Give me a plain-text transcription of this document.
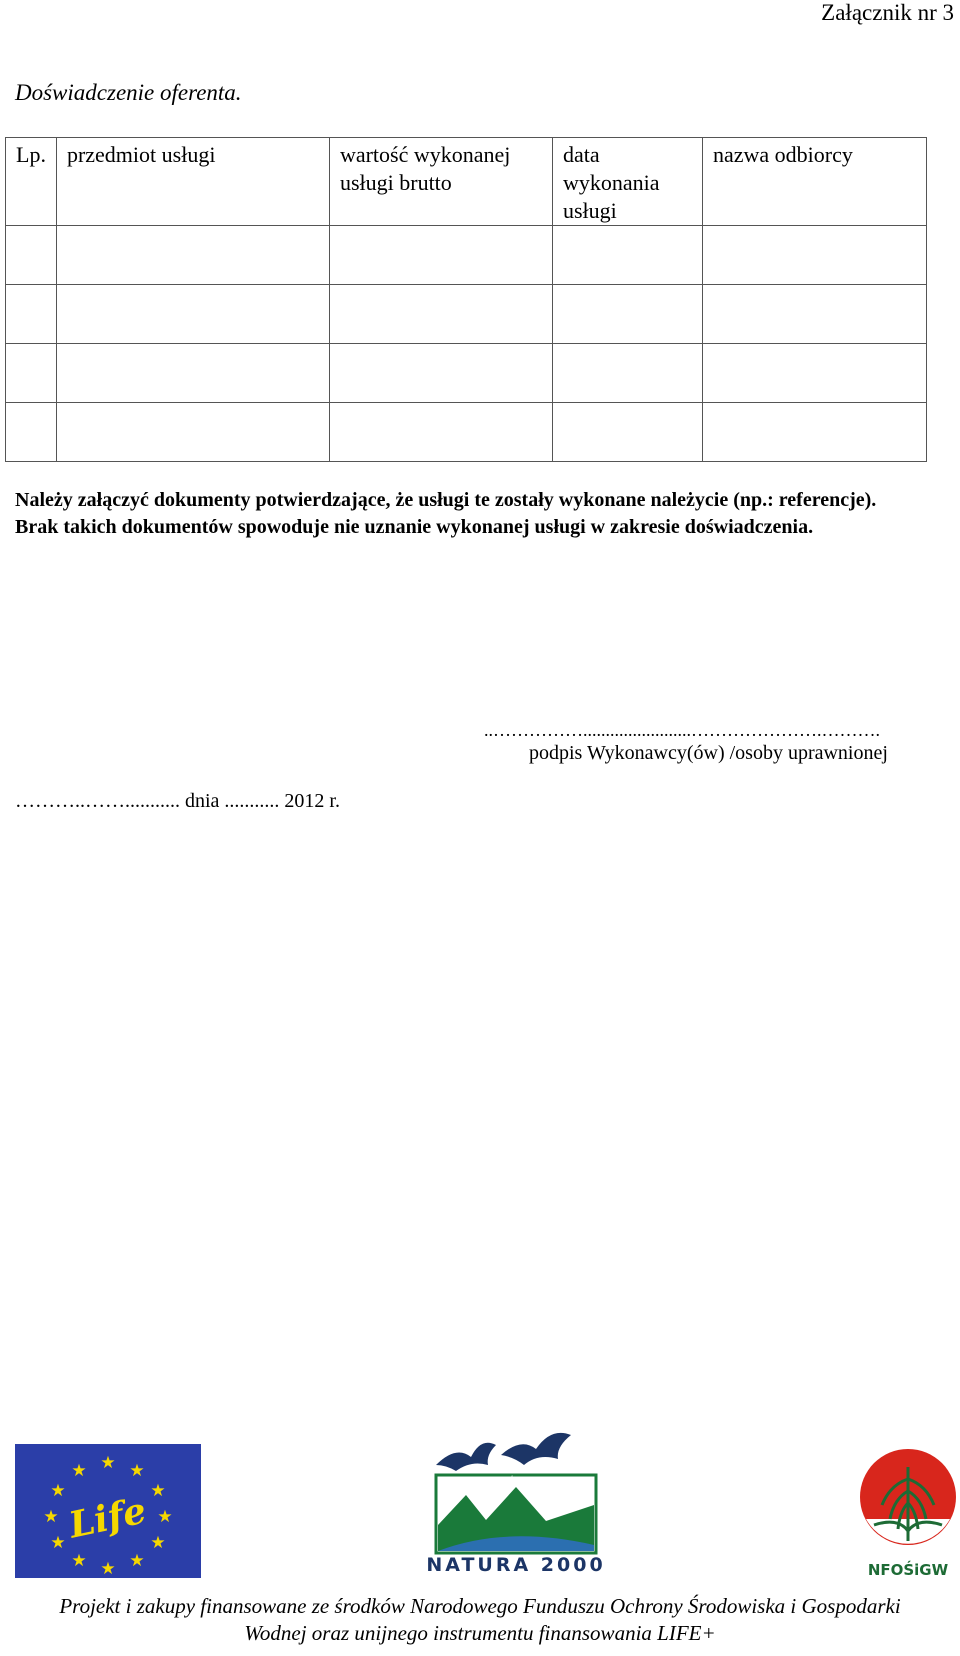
Załącznik nr 3
Doświadczenie oferenta.
Lp.	przedmiot usługi	wartość wykonanej usługi brutto	data wykonania usługi	nazwa odbiorcy

Należy załączyć dokumenty potwierdzające, że usługi te zostały wykonane należycie (np.: referencje).
Brak takich dokumentów spowoduje nie uznanie wykonanej usługi w zakresie doświadczenia.
..……………........................………………….……….
podpis Wykonawcy(ów) /osoby uprawnionej
………..……........... dnia ........... 2012 r.
★ ★
★
★
★
★
★
★
★
★
★
★
Life	☆
☆ ☆ ☆
☆
NATURA 2000	NFOŚiGW
Projekt i zakupy finansowane ze środków Narodowego Funduszu Ochrony Środowiska i Gospodarki
Wodnej oraz unijnego instrumentu finansowania LIFE+
